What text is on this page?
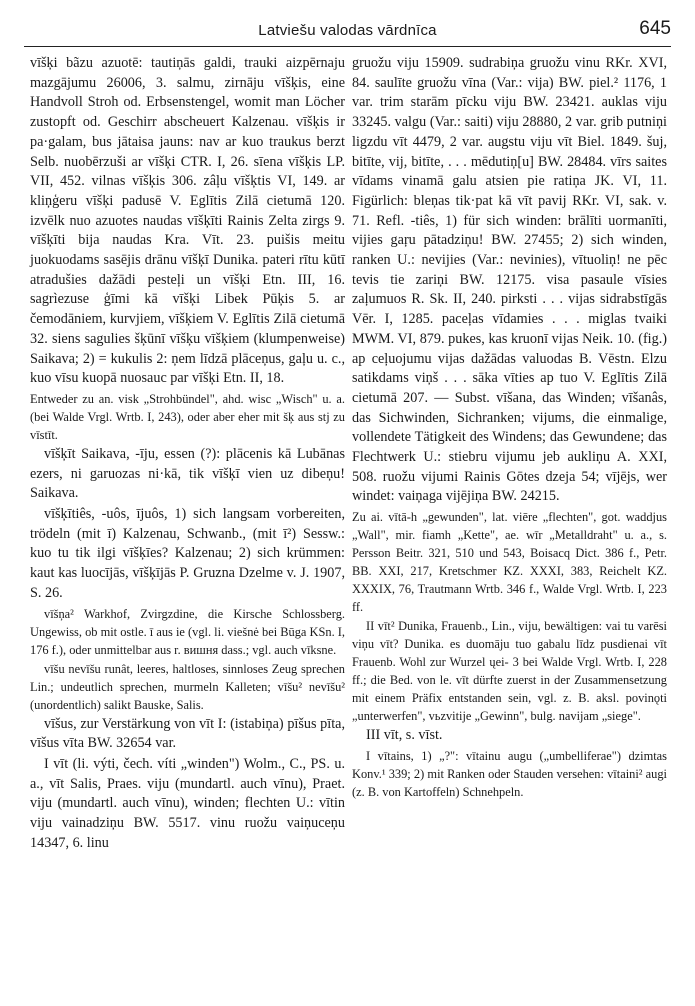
Latviešu valodas vārdnīca	645

vīšķi bãzu azuotē: tautiņās galdi, trauki aizpērnaju mazgājumu 26006, 3. salmu, zirnāju vīšķis, eine Handvoll Stroh od. Erbsenstengel, womit man Löcher zustopft od. Geschirr abscheuert Kalzenau. vīšķis ir pa·galam, bus jātaisa jauns: nav ar kuo traukus berzt Selb. nuobērzuši ar vīšķi CTR. I, 26. sīena vīšķis LP. VII, 452. vilnas vīšķis 306. zâļu vīšķtis VI, 149. ar kliņģeru vīšķi padusē V. Eglītis Zilā cietumā 120. izvēlk nuo azuotes naudas vīšķīti Rainis Zelta zirgs 9. vīšķīti bija naudas Kra. Vīt. 23. puišis meitu juokuodams sasējis drānu vīšķī Dunika. pateri rītu kūtī atradušies dažādi pesteļi un vīšķi Etn. III, 16. sagrìezuse ģīmi kā vīšķi Libek Pūķis 5. ar čemodāniem, kurvjiem, vīšķiem V. Eglītis Zilā cietumā 32. siens sagulies šķūnī vīšķu vīšķiem (klumpenweise) Saikava; 2) = kukulis 2: ņem līdzā plāceņus, gaļu u. c., kuo vīsu kuopā nuosauc par vīšķi Etn. II, 18.

Entweder zu an. visk „Strohbündel", ahd. wisc „Wisch" u. a. (bei Walde Vrgl. Wrtb. I, 243), oder aber eher mit šķ aus stj zu vīstīt.

vīšķīt Saikava, -īju, essen (?): plācenis kā Lubānas ezers, ni garuozas ni·kā, tik vīšķī vien uz dibeņu! Saikava.

vīšķītiês, -uôs, ījuôs, 1) sich langsam vorbereiten, trödeln (mit ī) Kalzenau, Schwanb., (mit ī²) Sessw.: kuo tu tik ilgi vīšķīes? Kalzenau; 2) sich krümmen: kaut kas luocījās, vīšķījās P. Gruzna Dzelme v. J. 1907, S. 26.

vīšņa² Warkhof, Zvirgzdine, die Kirsche Schlossberg. Ungewiss, ob mit ostle. ī aus ie (vgl. li. viešnė bei Būga KSn. I, 176 f.), oder unmittelbar aus r. вишня dass.; vgl. auch vīksne.

vīšu nevīšu runât, leeres, haltloses, sinnloses Zeug sprechen Lin.; undeutlich sprechen, murmeln Kalleten; vīšu² nevīšu² (unordentlich) salikt Bauske, Salis.

vīšus, zur Verstärkung von vīt I: (istabiņa) pīšus pīta, vīšus vīta BW. 32654 var.

I vīt (li. výti, čech. víti „winden") Wolm., C., PS. u. a., vīt Salis, Praes. viju (mundartl. auch vīnu), Praet. viju (mundartl. auch vīnu), winden; flechten U.: vītin viju vainadziņu BW. 5517. vinu ruožu vaiņuceņu 14347, 6. linu

gruožu viju 15909. sudrabiņa gruožu vinu RKr. XVI, 84. saulīte gruožu vīna (Var.: vija) BW. piel.² 1176, 1 var. trim starām pīcku viju BW. 23421. auklas viju 33245. valgu (Var.: saiti) viju 28880, 2 var. grib putniņi ligzdu vīt 4479, 2 var. augstu viju vīt Biel. 1849. šuj, bitīte, vij, bitīte, . . . mēdutiņ[u] BW. 28484. vīrs saites vīdams vinamā galu atsien pie ratiņa JK. VI, 11. Figürlich: bleņas tik·pat kā vīt pavij RKr. VI, sak. v. 71. Refl. -tiês, 1) für sich winden: brālīti uormanīti, vijies gaŗu pātadziņu! BW. 27455; 2) sich winden, ranken U.: nevijies (Var.: nevinies), vītuoliņ! ne pēc tevis tie zariņi BW. 12175. visa pasaule vīsies zaļumuos R. Sk. II, 240. pirksti . . . vijas sidrabstīgās Vēr. I, 1285. paceļas vīdamies . . . miglas tvaiki MWM. VI, 879. pukes, kas kruonī vijas Neik. 10. (fig.) ap ceļuojumu vijas dažādas valuodas B. Vēstn. Elzu satikdams viņš . . . sāka vīties ap tuo V. Eglītis Zilā cietumā 207. — Subst. vīšana, das Winden; vīšanâs, das Sichwinden, Sichranken; vijums, die einmalige, vollendete Tätigkeit des Windens; das Gewundene; das Flechtwerk U.: stiebru vijumu jeb aukliņu A. XXI, 508. ruožu vijumi Rainis Gōtes dzeja 54; vījējs, wer windet: vaiņaga vijējiņa BW. 24215.

Zu ai. vītā-h „gewunden", lat. viēre „flechten", got. waddjus „Wall", mir. fiamh „Kette", ae. wīr „Metalldraht" u. a., s. Persson Beitr. 321, 510 und 543, Boisacq Dict. 386 f., Petr. BB. XXI, 217, Kretschmer KZ. XXXI, 383, Reichelt KZ. XXXIX, 76, Trautmann Wrtb. 346 f., Walde Vrgl. Wrtb. I, 223 ff.

II vīt² Dunika, Frauenb., Lin., viju, bewältigen: vai tu varēsi viņu vīt? Dunika. es duomāju tuo gabalu līdz pusdienai vīt Frauenb. Wohl zur Wurzel ųei- 3 bei Walde Vrgl. Wrtb. I, 228 ff.; die Bed. von le. vīt dürfte zuerst in der Zusammensetzung mit einem Präfix entstanden sein, vgl. z. B. aksl. povinǫti „unterwerfen", vьzvitije „Gewinn", bulg. navijam „siege".

III vīt, s. vīst.

I vītains, 1) „?": vītainu augu („umbelliferae") dzimtas Konv.¹ 339; 2) mit Ranken oder Stauden versehen: vītaini² augi (z. B. von Kartoffeln) Schnehpeln.
